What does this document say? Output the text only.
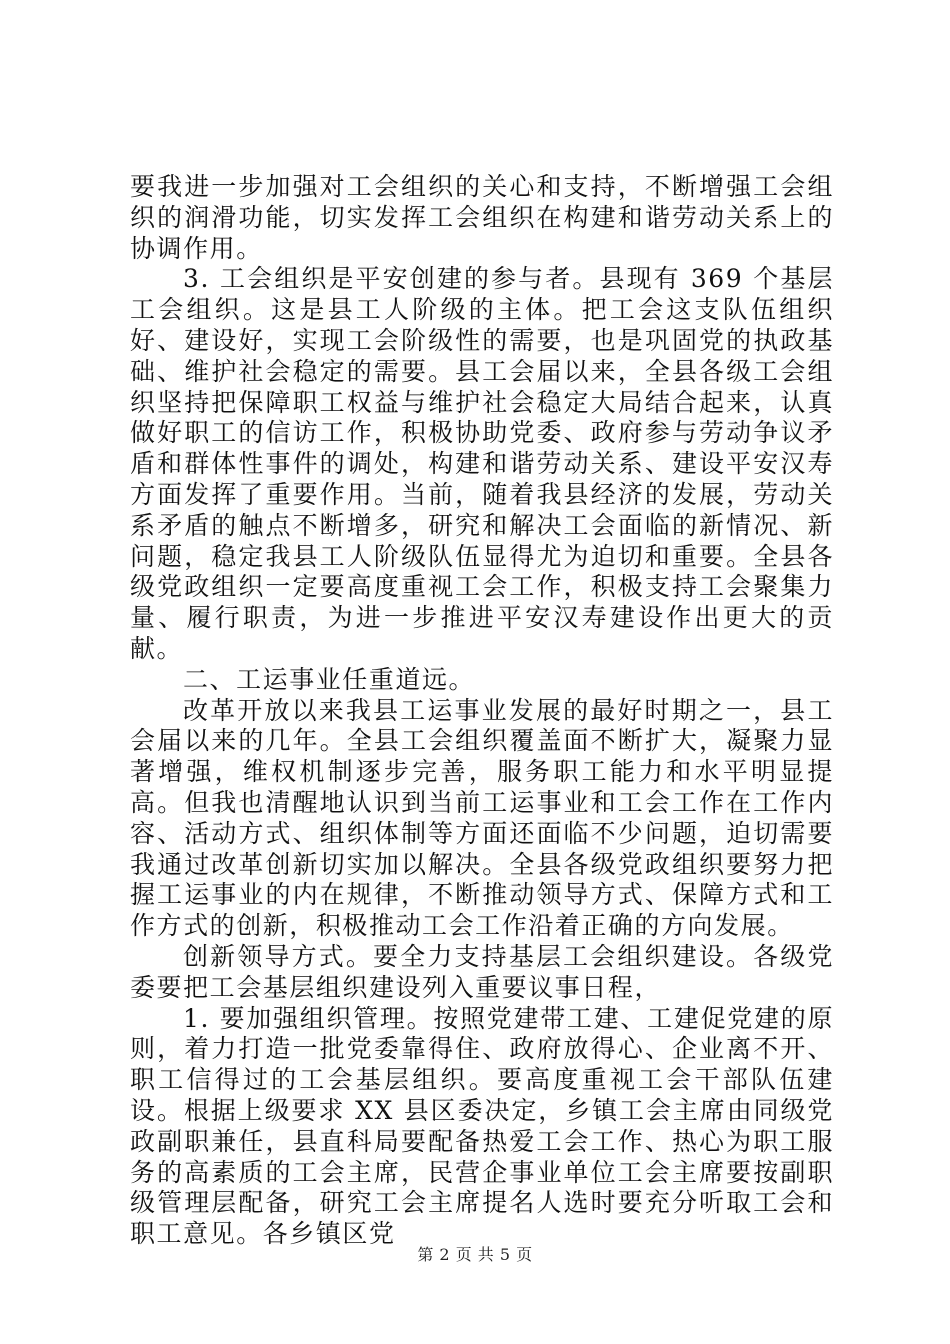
要我进一步加强对工会组织的关心和支持，不断增强工会组织的润滑功能，切实发挥工会组织在构建和谐劳动关系上的协调作用。

3. 工会组织是平安创建的参与者。县现有 369 个基层工会组织。这是县工人阶级的主体。把工会这支队伍组织好、建设好，实现工会阶级性的需要，也是巩固党的执政基础、维护社会稳定的需要。县工会届以来，全县各级工会组织坚持把保障职工权益与维护社会稳定大局结合起来，认真做好职工的信访工作，积极协助党委、政府参与劳动争议矛盾和群体性事件的调处，构建和谐劳动关系、建设平安汉寿方面发挥了重要作用。当前，随着我县经济的发展，劳动关系矛盾的触点不断增多，研究和解决工会面临的新情况、新问题，稳定我县工人阶级队伍显得尤为迫切和重要。全县各级党政组织一定要高度重视工会工作，积极支持工会聚集力量、履行职责，为进一步推进平安汉寿建设作出更大的贡献。

二、工运事业任重道远。

改革开放以来我县工运事业发展的最好时期之一，县工会届以来的几年。全县工会组织覆盖面不断扩大，凝聚力显著增强，维权机制逐步完善，服务职工能力和水平明显提高。但我也清醒地认识到当前工运事业和工会工作在工作内容、活动方式、组织体制等方面还面临不少问题，迫切需要我通过改革创新切实加以解决。全县各级党政组织要努力把握工运事业的内在规律，不断推动领导方式、保障方式和工作方式的创新，积极推动工会工作沿着正确的方向发展。

创新领导方式。要全力支持基层工会组织建设。各级党委要把工会基层组织建设列入重要议事日程，

1. 要加强组织管理。按照党建带工建、工建促党建的原则，着力打造一批党委靠得住、政府放得心、企业离不开、职工信得过的工会基层组织。要高度重视工会干部队伍建设。根据上级要求 XX 县区委决定，乡镇工会主席由同级党政副职兼任，县直科局要配备热爱工会工作、热心为职工服务的高素质的工会主席，民营企事业单位工会主席要按副职级管理层配备，研究工会主席提名人选时要充分听取工会和职工意见。各乡镇区党

第 2 页 共 5 页
